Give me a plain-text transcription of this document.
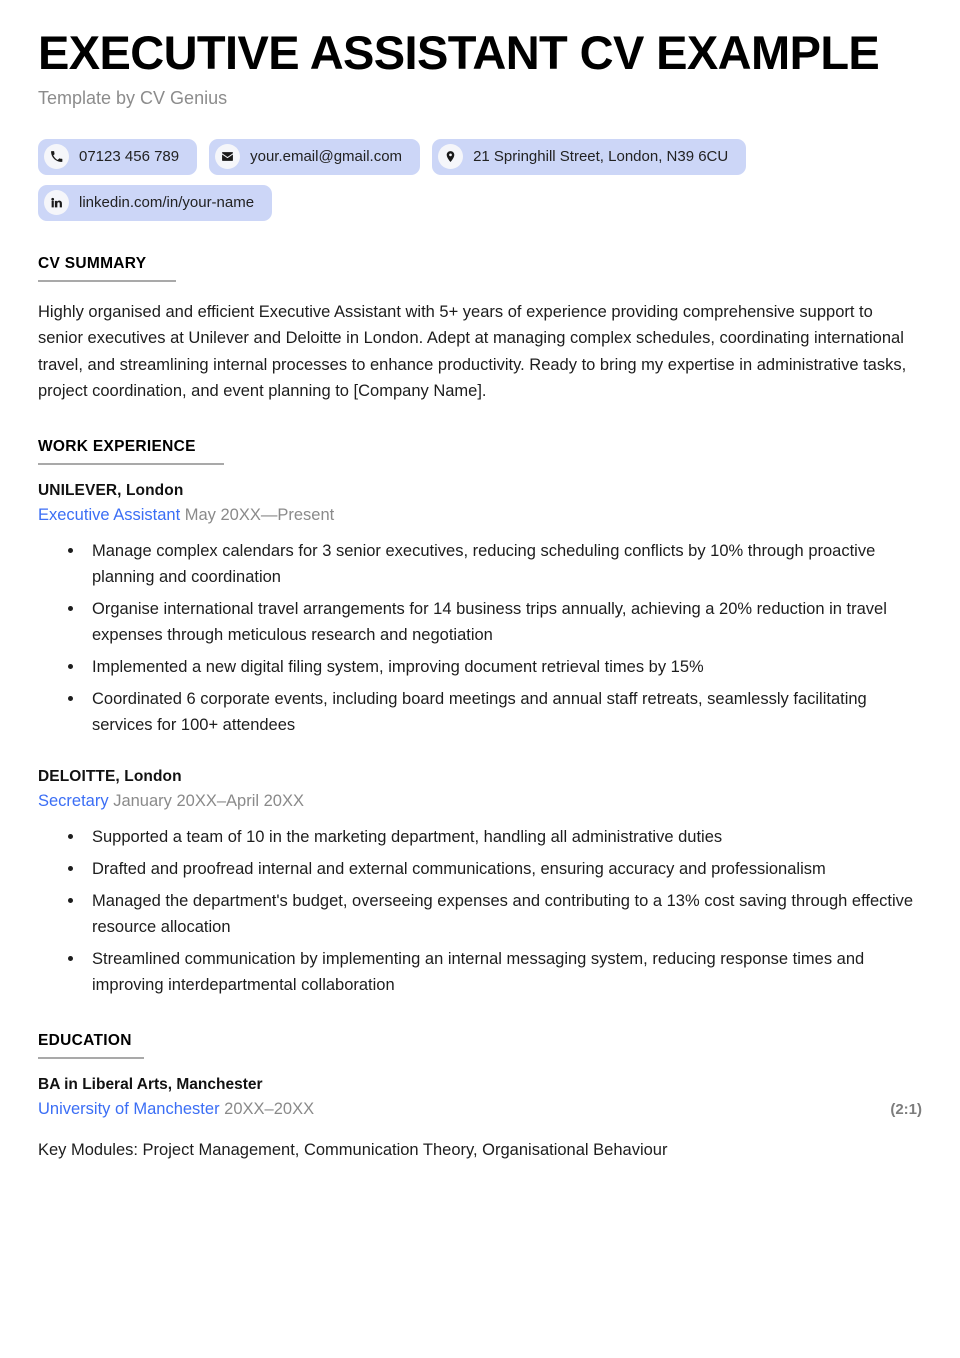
EXECUTIVE ASSISTANT CV EXAMPLE
Template by CV Genius
07123 456 789	your.email@gmail.com	21 Springhill Street, London, N39 6CU
linkedin.com/in/your-name
CV SUMMARY

Highly organised and efficient Executive Assistant with 5+ years of experience providing comprehensive support to senior executives at Unilever and Deloitte in London. Adept at managing complex schedules, coordinating international travel, and streamlining internal processes to enhance productivity. Ready to bring my expertise in administrative tasks, project coordination, and event planning to [Company Name].

WORK EXPERIENCE
UNILEVER, London
Executive Assistant May 20XX—Present
Manage complex calendars for 3 senior executives, reducing scheduling conflicts by 10% through proactive planning and coordination
Organise international travel arrangements for 14 business trips annually, achieving a 20% reduction in travel expenses through meticulous research and negotiation
Implemented a new digital filing system, improving document retrieval times by 15%
Coordinated 6 corporate events, including board meetings and annual staff retreats, seamlessly facilitating services for 100+ attendees
DELOITTE, London
Secretary January 20XX–April 20XX
Supported a team of 10 in the marketing department, handling all administrative duties
Drafted and proofread internal and external communications, ensuring accuracy and professionalism
Managed the department's budget, overseeing expenses and contributing to a 13% cost saving through effective resource allocation
Streamlined communication by implementing an internal messaging system, reducing response times and improving interdepartmental collaboration
EDUCATION
BA in Liberal Arts, Manchester
University of Manchester 20XX–20XX	(2:1)
Key Modules: Project Management, Communication Theory, Organisational Behaviour
